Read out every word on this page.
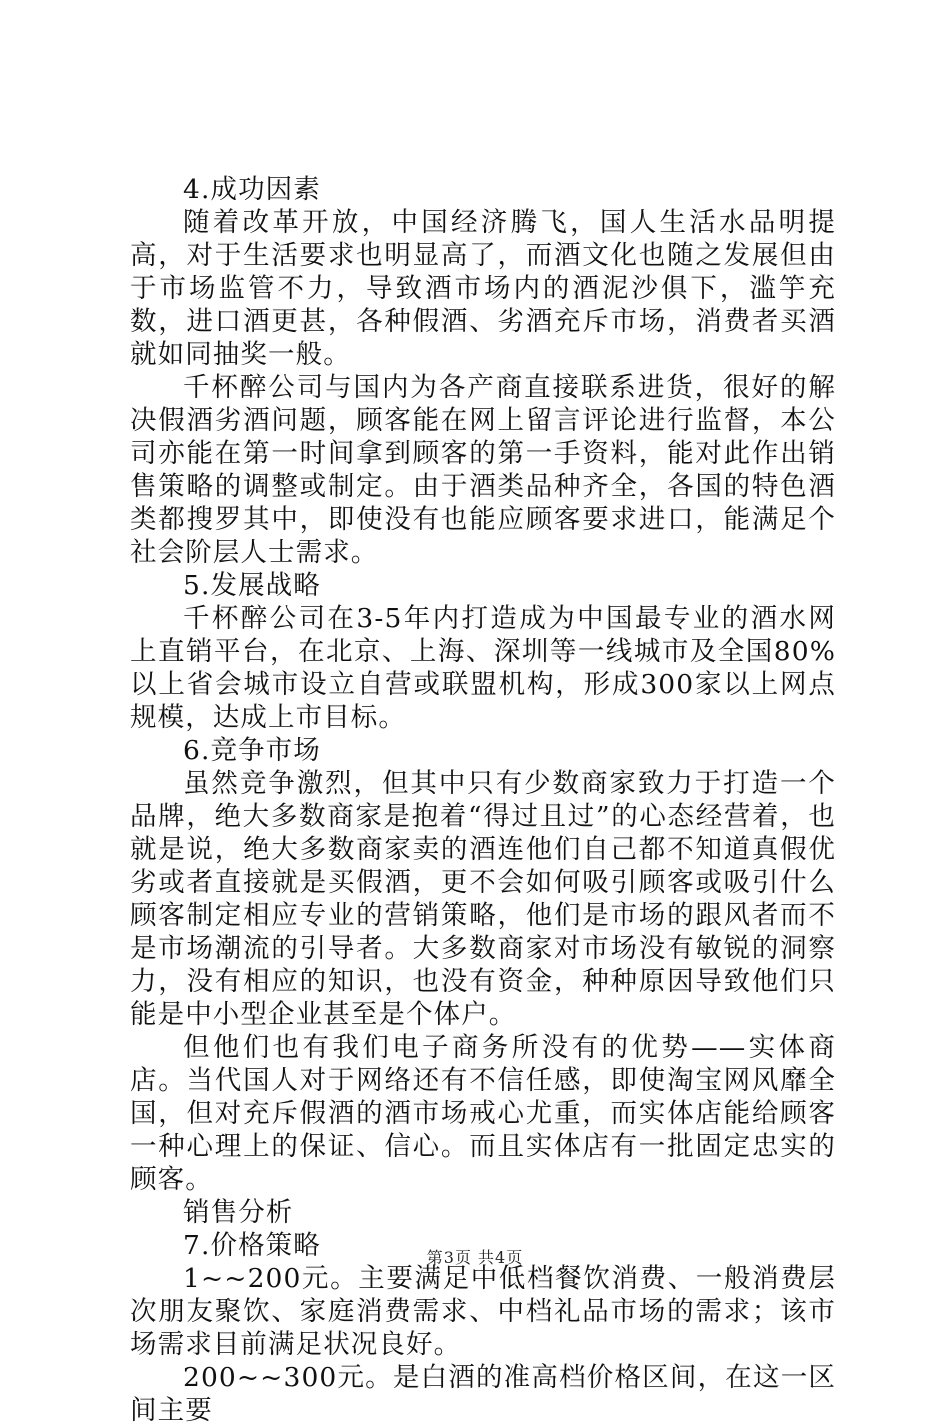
4.成功因素

随着改革开放，中国经济腾飞，国人生活水品明提高，对于生活要求也明显高了，而酒文化也随之发展但由于市场监管不力，导致酒市场内的酒泥沙俱下，滥竽充数，进口酒更甚，各种假酒、劣酒充斥市场，消费者买酒就如同抽奖一般。

千杯醉公司与国内为各产商直接联系进货，很好的解决假酒劣酒问题，顾客能在网上留言评论进行监督，本公司亦能在第一时间拿到顾客的第一手资料，能对此作出销售策略的调整或制定。由于酒类品种齐全，各国的特色酒类都搜罗其中，即使没有也能应顾客要求进口，能满足个社会阶层人士需求。

5.发展战略

千杯醉公司在3-5年内打造成为中国最专业的酒水网上直销平台，在北京、上海、深圳等一线城市及全国80%以上省会城市设立自营或联盟机构，形成300家以上网点规模，达成上市目标。

6.竞争市场

虽然竞争激烈，但其中只有少数商家致力于打造一个品牌，绝大多数商家是抱着“得过且过”的心态经营着，也就是说，绝大多数商家卖的酒连他们自己都不知道真假优劣或者直接就是买假酒，更不会如何吸引顾客或吸引什么顾客制定相应专业的营销策略，他们是市场的跟风者而不是市场潮流的引导者。大多数商家对市场没有敏锐的洞察力，没有相应的知识，也没有资金，种种原因导致他们只能是中小型企业甚至是个体户。

但他们也有我们电子商务所没有的优势——实体商店。当代国人对于网络还有不信任感，即使淘宝网风靡全国，但对充斥假酒的酒市场戒心尤重，而实体店能给顾客一种心理上的保证、信心。而且实体店有一批固定忠实的顾客。

销售分析

7.价格策略

1~~200元。主要满足中低档餐饮消费、一般消费层次朋友聚饮、家庭消费需求、中档礼品市场的需求；该市场需求目前满足状况良好。

200~~300元。是白酒的准高档价格区间，在这一区间主要

第3页 共4页
